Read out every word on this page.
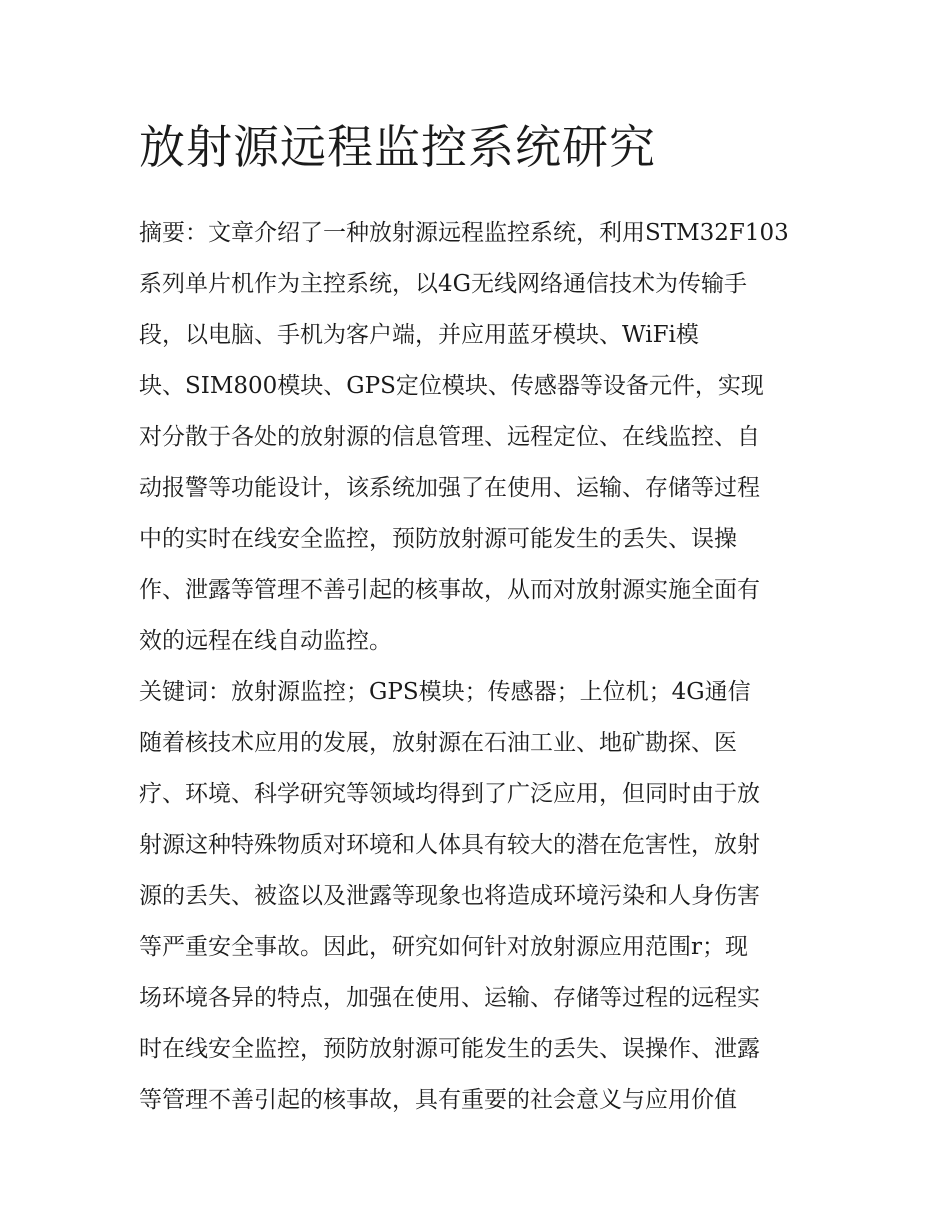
放射源远程监控系统研究
摘要：文章介绍了一种放射源远程监控系统，利用STM32F103
系列单片机作为主控系统，以4G无线网络通信技术为传输手
段，以电脑、手机为客户端，并应用蓝牙模块、WiFi模
块、SIM800模块、GPS定位模块、传感器等设备元件，实现
对分散于各处的放射源的信息管理、远程定位、在线监控、自
动报警等功能设计，该系统加强了在使用、运输、存储等过程
中的实时在线安全监控，预防放射源可能发生的丢失、误操
作、泄露等管理不善引起的核事故，从而对放射源实施全面有
效的远程在线自动监控。
关键词：放射源监控；GPS模块；传感器；上位机；4G通信
随着核技术应用的发展，放射源在石油工业、地矿勘探、医
疗、环境、科学研究等领域均得到了广泛应用，但同时由于放
射源这种特殊物质对环境和人体具有较大的潜在危害性，放射
源的丢失、被盗以及泄露等现象也将造成环境污染和人身伤害
等严重安全事故。因此，研究如何针对放射源应用范围r；现
场环境各异的特点，加强在使用、运输、存储等过程的远程实
时在线安全监控，预防放射源可能发生的丢失、误操作、泄露
等管理不善引起的核事故，具有重要的社会意义与应用价值
